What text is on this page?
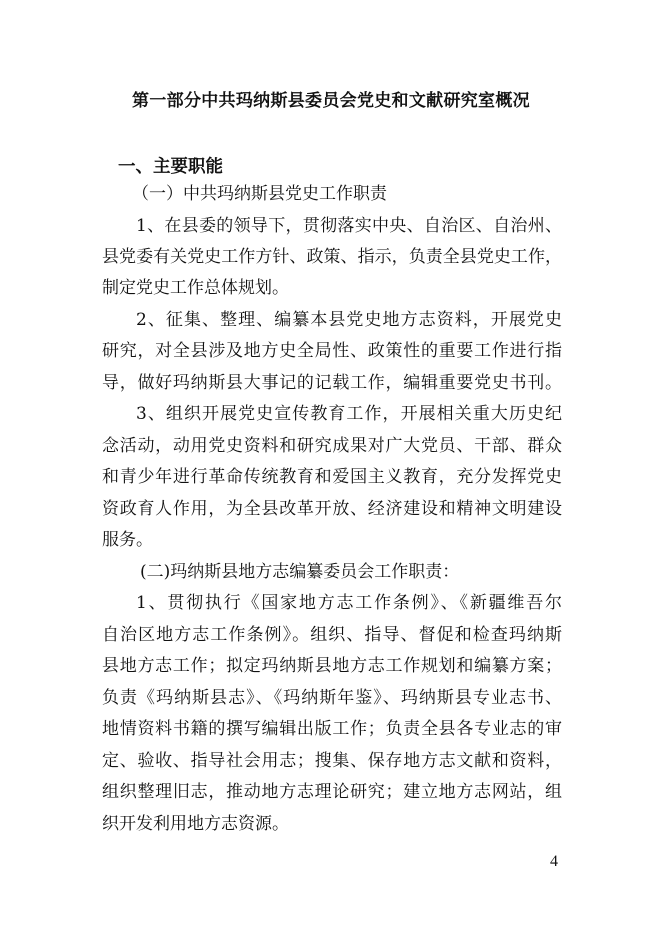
第一部分中共玛纳斯县委员会党史和文献研究室概况
一、主要职能
（一）中共玛纳斯县党史工作职责
1、在县委的领导下，贯彻落实中央、自治区、自治州、
县党委有关党史工作方针、政策、指示，负责全县党史工作，
制定党史工作总体规划。
2、征集、整理、编纂本县党史地方志资料，开展党史
研究，对全县涉及地方史全局性、政策性的重要工作进行指
导，做好玛纳斯县大事记的记载工作，编辑重要党史书刊。
3、组织开展党史宣传教育工作，开展相关重大历史纪
念活动，动用党史资料和研究成果对广大党员、干部、群众
和青少年进行革命传统教育和爱国主义教育，充分发挥党史
资政育人作用，为全县改革开放、经济建设和精神文明建设
服务。
(二)玛纳斯县地方志编纂委员会工作职责：
1、贯彻执行《国家地方志工作条例》、《新疆维吾尔
自治区地方志工作条例》。组织、指导、督促和检查玛纳斯
县地方志工作；拟定玛纳斯县地方志工作规划和编纂方案；
负责《玛纳斯县志》、《玛纳斯年鉴》、玛纳斯县专业志书、
地情资料书籍的撰写编辑出版工作；负责全县各专业志的审
定、验收、指导社会用志；搜集、保存地方志文献和资料，
组织整理旧志，推动地方志理论研究；建立地方志网站，组
织开发利用地方志资源。
4
